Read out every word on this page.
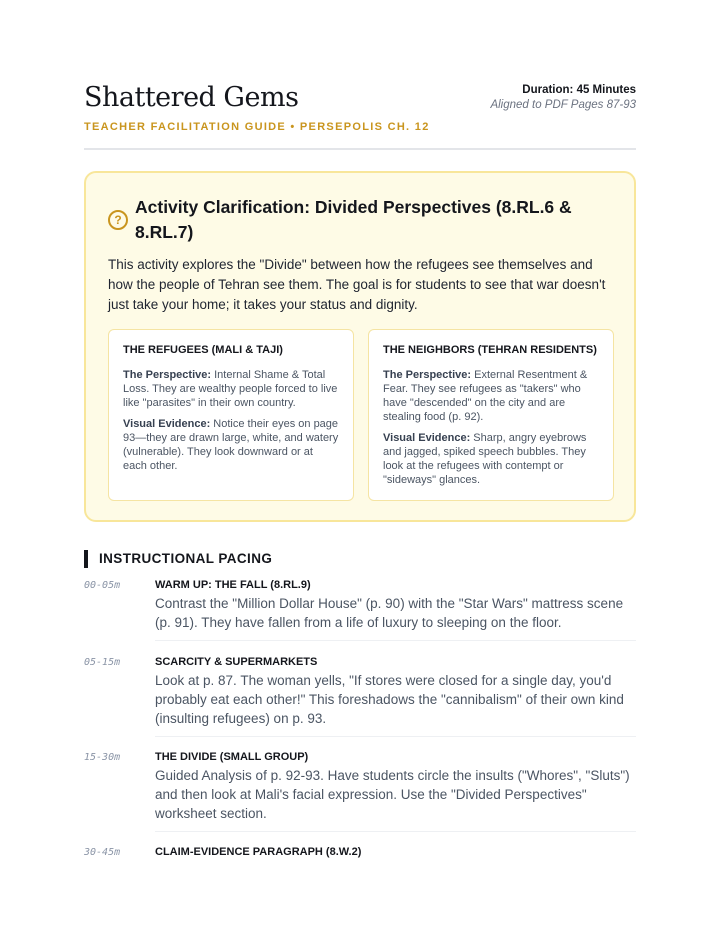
Shattered Gems
TEACHER FACILITATION GUIDE • PERSEPOLIS CH. 12
Duration: 45 Minutes
Aligned to PDF Pages 87-93
?
Activity Clarification: Divided Perspectives (8.RL.6 & 8.RL.7)
This activity explores the "Divide" between how the refugees see themselves and how the people of Tehran see them. The goal is for students to see that war doesn't just take your home; it takes your status and dignity.
THE REFUGEES (MALI & TAJI)
The Perspective: Internal Shame & Total Loss. They are wealthy people forced to live like "parasites" in their own country.
Visual Evidence: Notice their eyes on page 93—they are drawn large, white, and watery (vulnerable). They look downward or at each other.
THE NEIGHBORS (TEHRAN RESIDENTS)
The Perspective: External Resentment & Fear. They see refugees as "takers" who have "descended" on the city and are stealing food (p. 92).
Visual Evidence: Sharp, angry eyebrows and jagged, spiked speech bubbles. They look at the refugees with contempt or "sideways" glances.
INSTRUCTIONAL PACING
00-05m	WARM UP: THE FALL (8.RL.9)
Contrast the "Million Dollar House" (p. 90) with the "Star Wars" mattress scene (p. 91). They have fallen from a life of luxury to sleeping on the floor.
05-15m	SCARCITY & SUPERMARKETS
Look at p. 87. The woman yells, "If stores were closed for a single day, you'd probably eat each other!" This foreshadows the "cannibalism" of their own kind (insulting refugees) on p. 93.
15-30m	THE DIVIDE (SMALL GROUP)
Guided Analysis of p. 92-93. Have students circle the insults ("Whores", "Sluts") and then look at Mali's facial expression. Use the "Divided Perspectives" worksheet section.
30-45m	CLAIM-EVIDENCE PARAGRAPH (8.W.2)
